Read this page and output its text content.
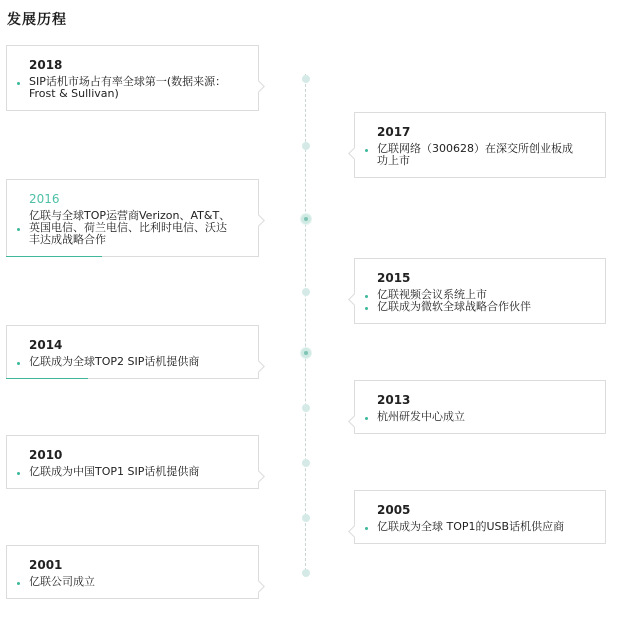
发展历程
2018
SIP话机市场占有率全球第一(数据来源：
Frost & Sullivan)
2017
亿联网络（300628）在深交所创业板成
功上市
2016
亿联与全球TOP运营商Verizon、AT&T、
英国电信、荷兰电信、比利时电信、沃达
丰达成战略合作
2015
亿联视频会议系统上市
亿联成为微软全球战略合作伙伴
2014
亿联成为全球TOP2 SIP话机提供商
2013
杭州研发中心成立
2010
亿联成为中国TOP1 SIP话机提供商
2005
亿联成为全球 TOP1的USB话机供应商
2001
亿联公司成立
